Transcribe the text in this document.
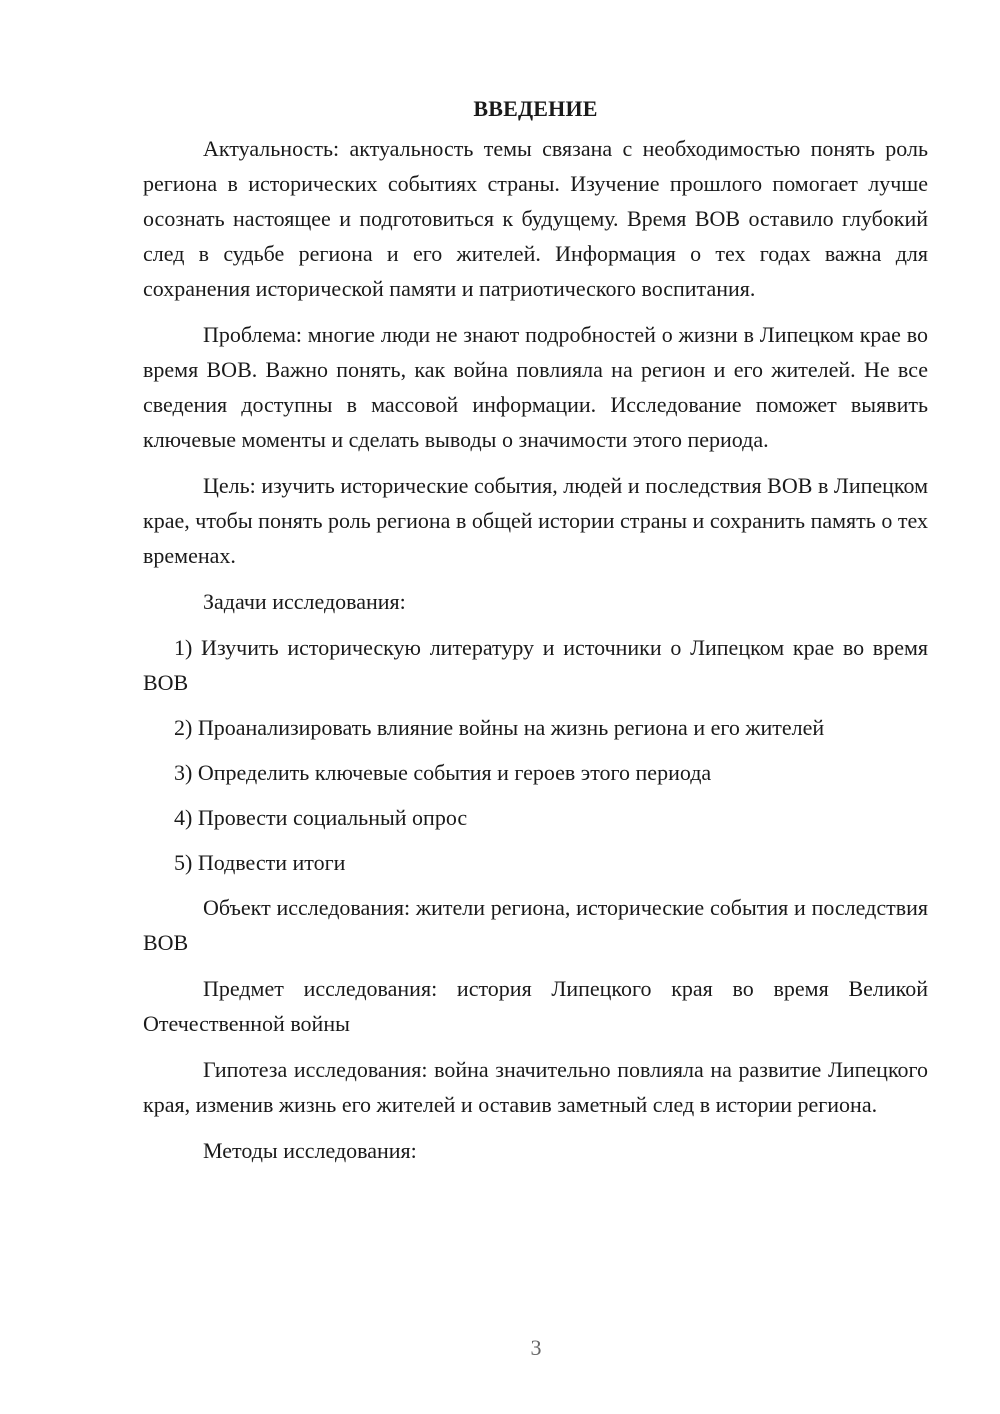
ВВЕДЕНИЕ

Актуальность: актуальность темы связана с необходимостью понять роль региона в исторических событиях страны. Изучение прошлого помогает лучше осознать настоящее и подготовиться к будущему. Время ВОВ оставило глубокий след в судьбе региона и его жителей. Информация о тех годах важна для сохранения исторической памяти и патриотического воспитания.

Проблема: многие люди не знают подробностей о жизни в Липецком крае во время ВОВ. Важно понять, как война повлияла на регион и его жителей. Не все сведения доступны в массовой информации. Исследование поможет выявить ключевые моменты и сделать выводы о значимости этого периода.

Цель: изучить исторические события, людей и последствия ВОВ в Липецком крае, чтобы понять роль региона в общей истории страны и сохранить память о тех временах.

Задачи исследования:

1) Изучить историческую литературу и источники о Липецком крае во время ВОВ

2) Проанализировать влияние войны на жизнь региона и его жителей

3) Определить ключевые события и героев этого периода

4) Провести социальный опрос

5) Подвести итоги

Объект исследования: жители региона, исторические события и последствия ВОВ

Предмет исследования: история Липецкого края во время Великой Отечественной войны

Гипотеза исследования: война значительно повлияла на развитие Липецкого края, изменив жизнь его жителей и оставив заметный след в истории региона.

Методы исследования:

3
